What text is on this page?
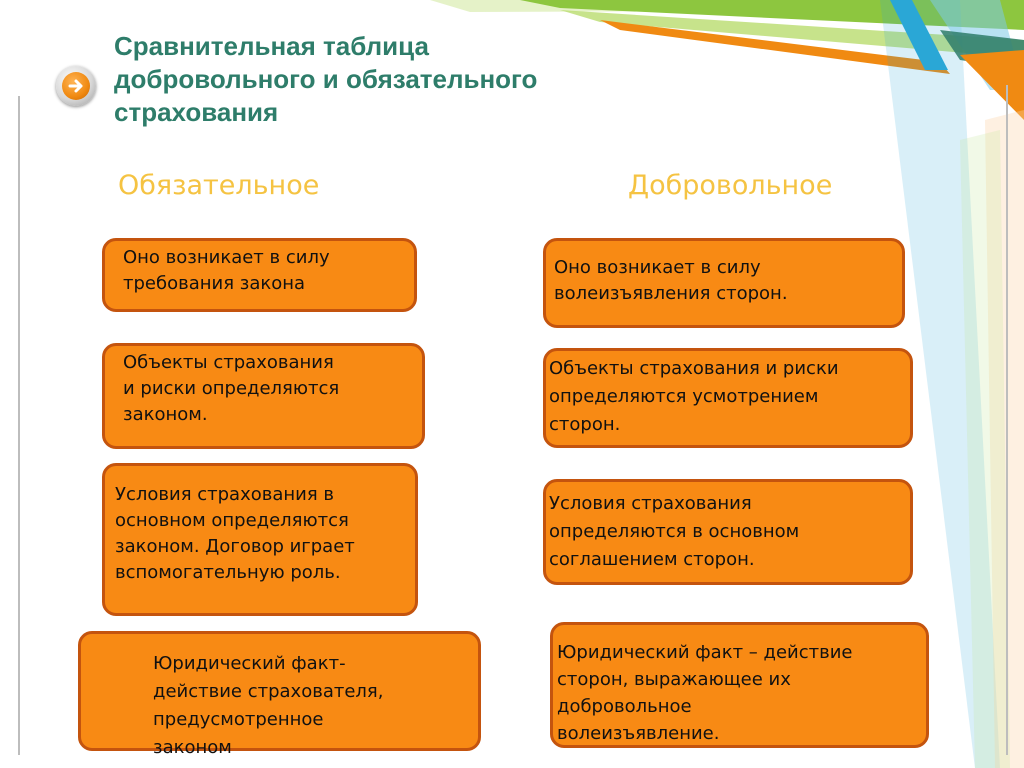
Сравнительная таблица
добровольного и обязательного
страхования
Обязательное	Добровольное
Оно возникает в силу
требования закона
Объекты страхования
и риски определяются
законом.
Условия страхования в
основном определяются
законом. Договор играет
вспомогательную роль.
Юридический факт-
действие страхователя,
предусмотренное
законом
Оно возникает в силу
волеизъявления сторон.
Объекты страхования и риски
определяются усмотрением
сторон.
Условия страхования
определяются в основном
соглашением сторон.
Юридический факт – действие
сторон, выражающее их
добровольное
волеизъявление.
